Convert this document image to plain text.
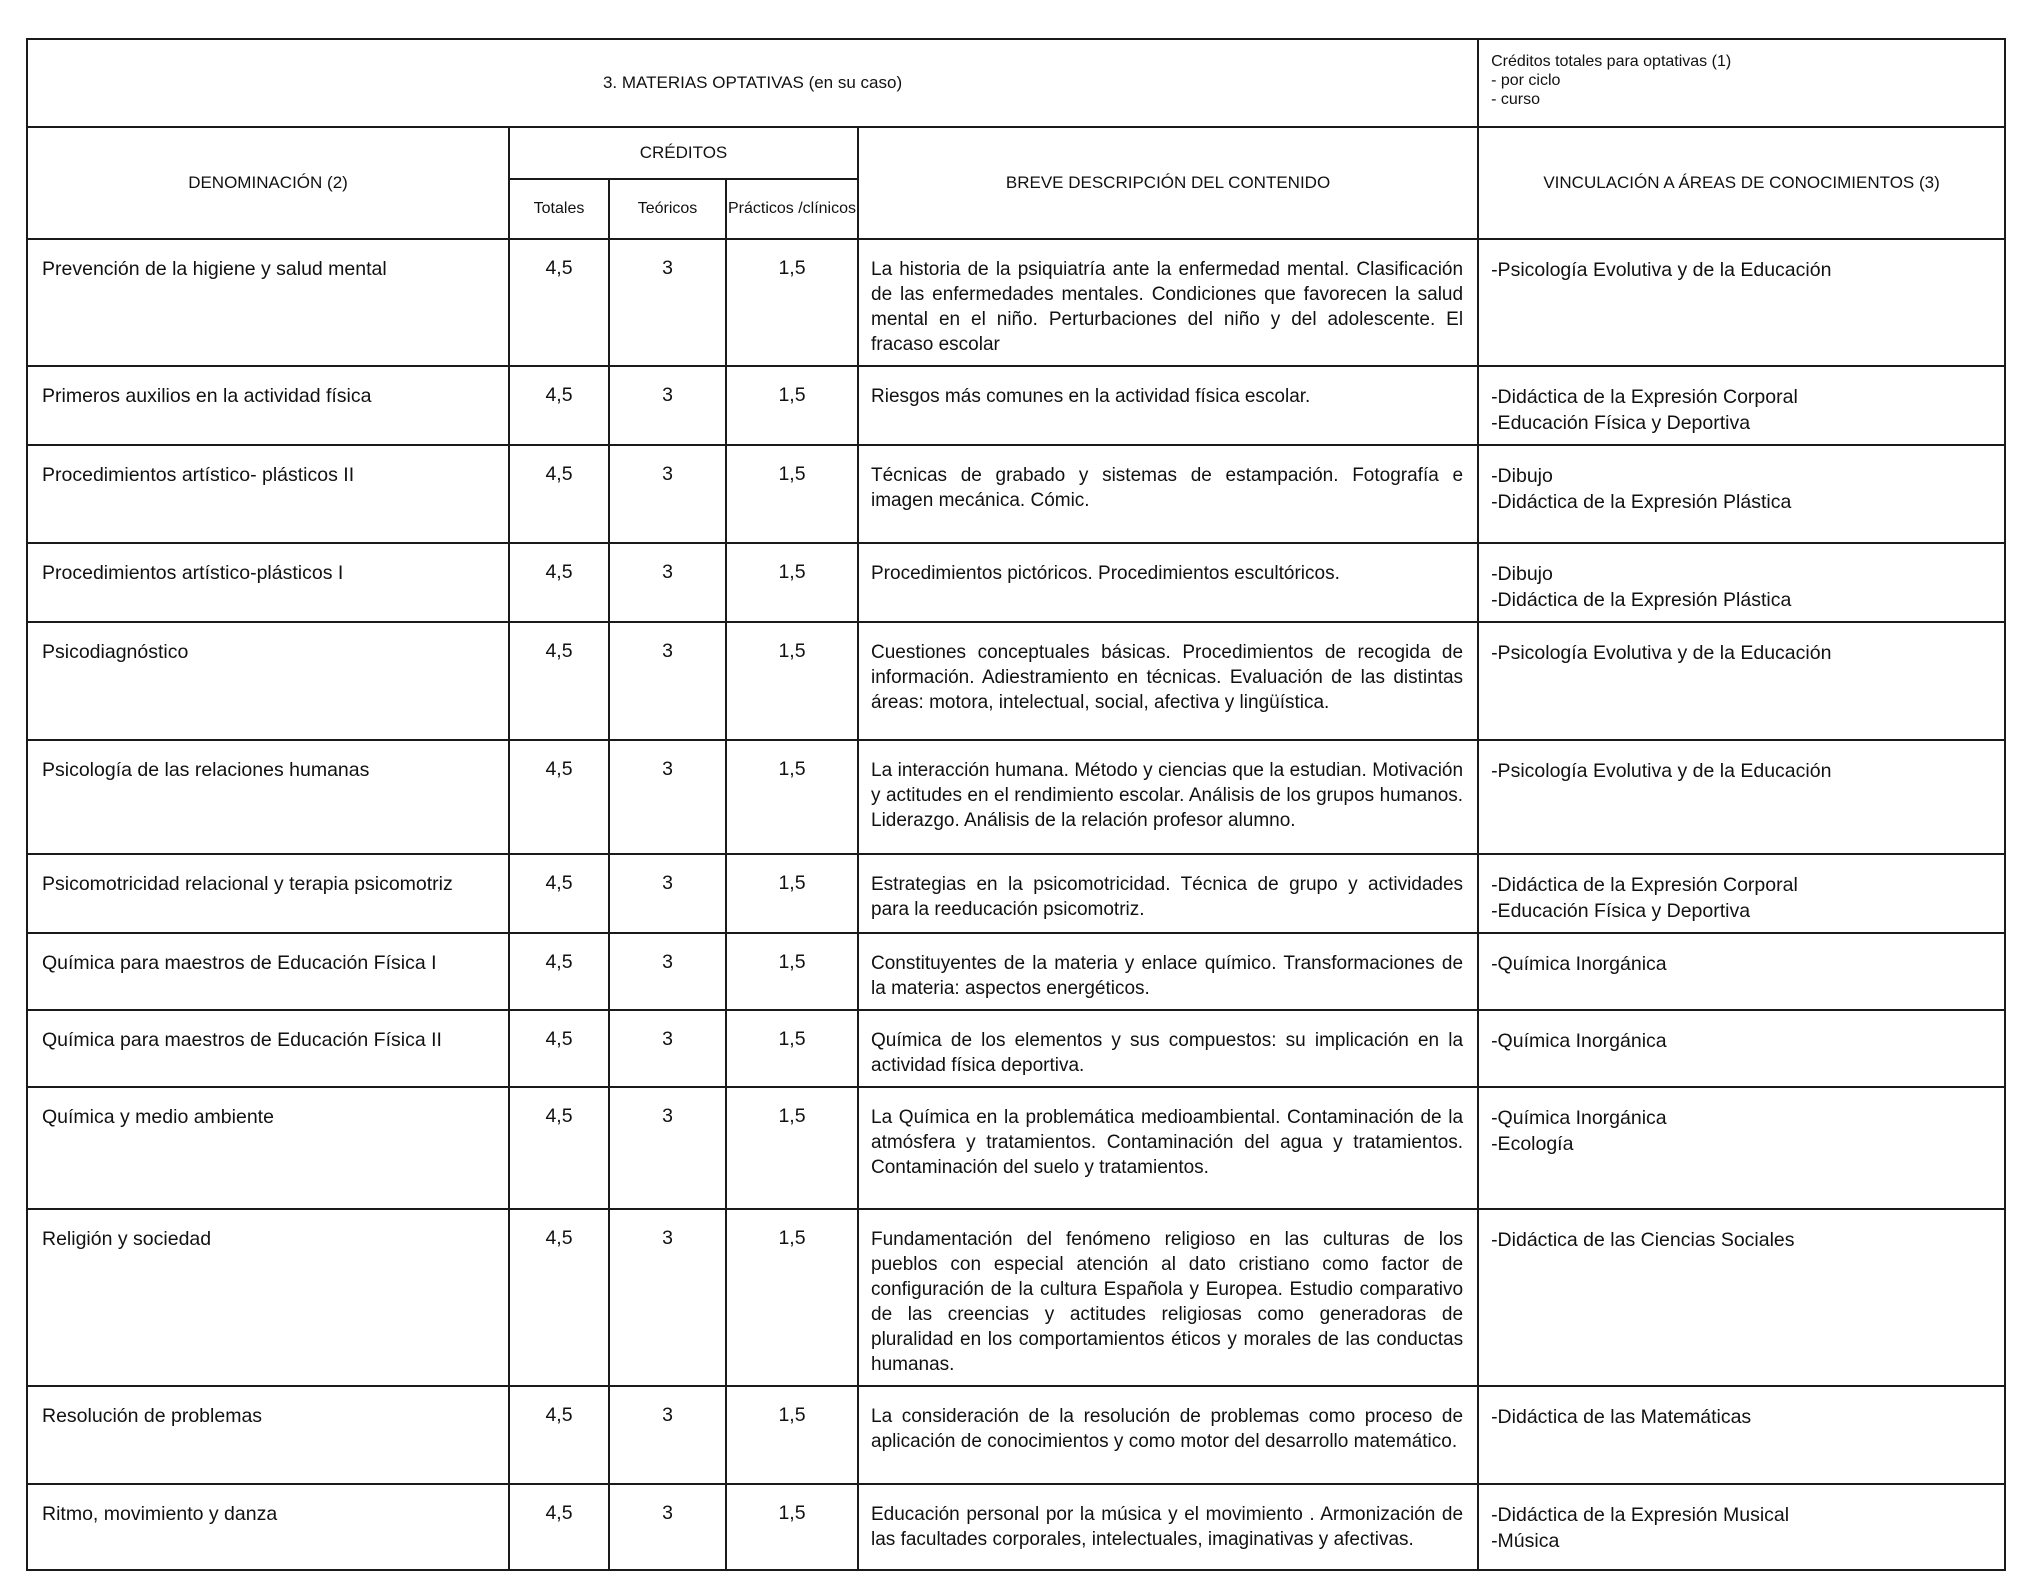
3. MATERIAS OPTATIVAS (en su caso)					Créditos totales para optativas (1)
- por ciclo
- curso

DENOMINACIÓN (2)	CRÉDITOS			BREVE DESCRIPCIÓN DEL CONTENIDO	VINCULACIÓN A ÁREAS DE CONOCIMIENTOS (3)
	Totales	Teóricos	Prácticos /clínicos		
Prevención de la higiene y salud mental	4,5	3	1,5	La historia de la psiquiatría ante la enfermedad mental. Clasificación de las enfermedades mentales. Condiciones que favorecen la salud mental en el niño. Perturbaciones del niño y del adolescente. El fracaso escolar	-Psicología Evolutiva y de la Educación

Primeros auxilios en la actividad física	4,5	3	1,5	Riesgos más comunes en la actividad física escolar.	-Didáctica de la Expresión Corporal
-Educación Física y Deportiva

Procedimientos artístico- plásticos II	4,5	3	1,5	Técnicas de grabado y sistemas de estampación. Fotografía e imagen mecánica. Cómic.	-Dibujo
-Didáctica de la Expresión Plástica

Procedimientos artístico-plásticos I	4,5	3	1,5	Procedimientos pictóricos. Procedimientos escultóricos.	-Dibujo
-Didáctica de la Expresión Plástica

Psicodiagnóstico	4,5	3	1,5	Cuestiones conceptuales básicas. Procedimientos de recogida de información. Adiestramiento en técnicas. Evaluación de las distintas áreas: motora, intelectual, social, afectiva y lingüística.	-Psicología Evolutiva y de la Educación

Psicología de las relaciones humanas	4,5	3	1,5	La interacción humana. Método y ciencias que la estudian. Motivación y actitudes en el rendimiento escolar. Análisis de los grupos humanos. Liderazgo. Análisis de la relación profesor alumno.	-Psicología Evolutiva y de la Educación

Psicomotricidad relacional y terapia psicomotriz	4,5	3	1,5	Estrategias en la psicomotricidad. Técnica de grupo y actividades para la reeducación psicomotriz.	-Didáctica de la Expresión Corporal
-Educación Física y Deportiva

Química para maestros de Educación Física I	4,5	3	1,5	Constituyentes de la materia y enlace químico. Transformaciones de la materia: aspectos energéticos.	-Química Inorgánica

Química para maestros de Educación Física II	4,5	3	1,5	Química de los elementos y sus compuestos: su implicación en la actividad física deportiva.	-Química Inorgánica

Química y medio ambiente	4,5	3	1,5	La Química en la problemática medioambiental. Contaminación de la atmósfera y tratamientos. Contaminación del agua y tratamientos. Contaminación del suelo y tratamientos.	-Química Inorgánica
-Ecología

Religión y sociedad	4,5	3	1,5	Fundamentación del fenómeno religioso en las culturas de los pueblos con especial atención al dato cristiano como factor de configuración de la cultura Española y Europea. Estudio comparativo de las creencias y actitudes religiosas como generadoras de pluralidad en los comportamientos éticos y morales de las conductas humanas.	-Didáctica de las Ciencias Sociales

Resolución de problemas	4,5	3	1,5	La consideración de la resolución de problemas como proceso de aplicación de conocimientos y como motor del desarrollo matemático.	-Didáctica de las Matemáticas

Ritmo, movimiento y danza	4,5	3	1,5	Educación personal por la música y el movimiento . Armonización de las facultades corporales, intelectuales, imaginativas y afectivas.	-Didáctica de la Expresión Musical
-Música
